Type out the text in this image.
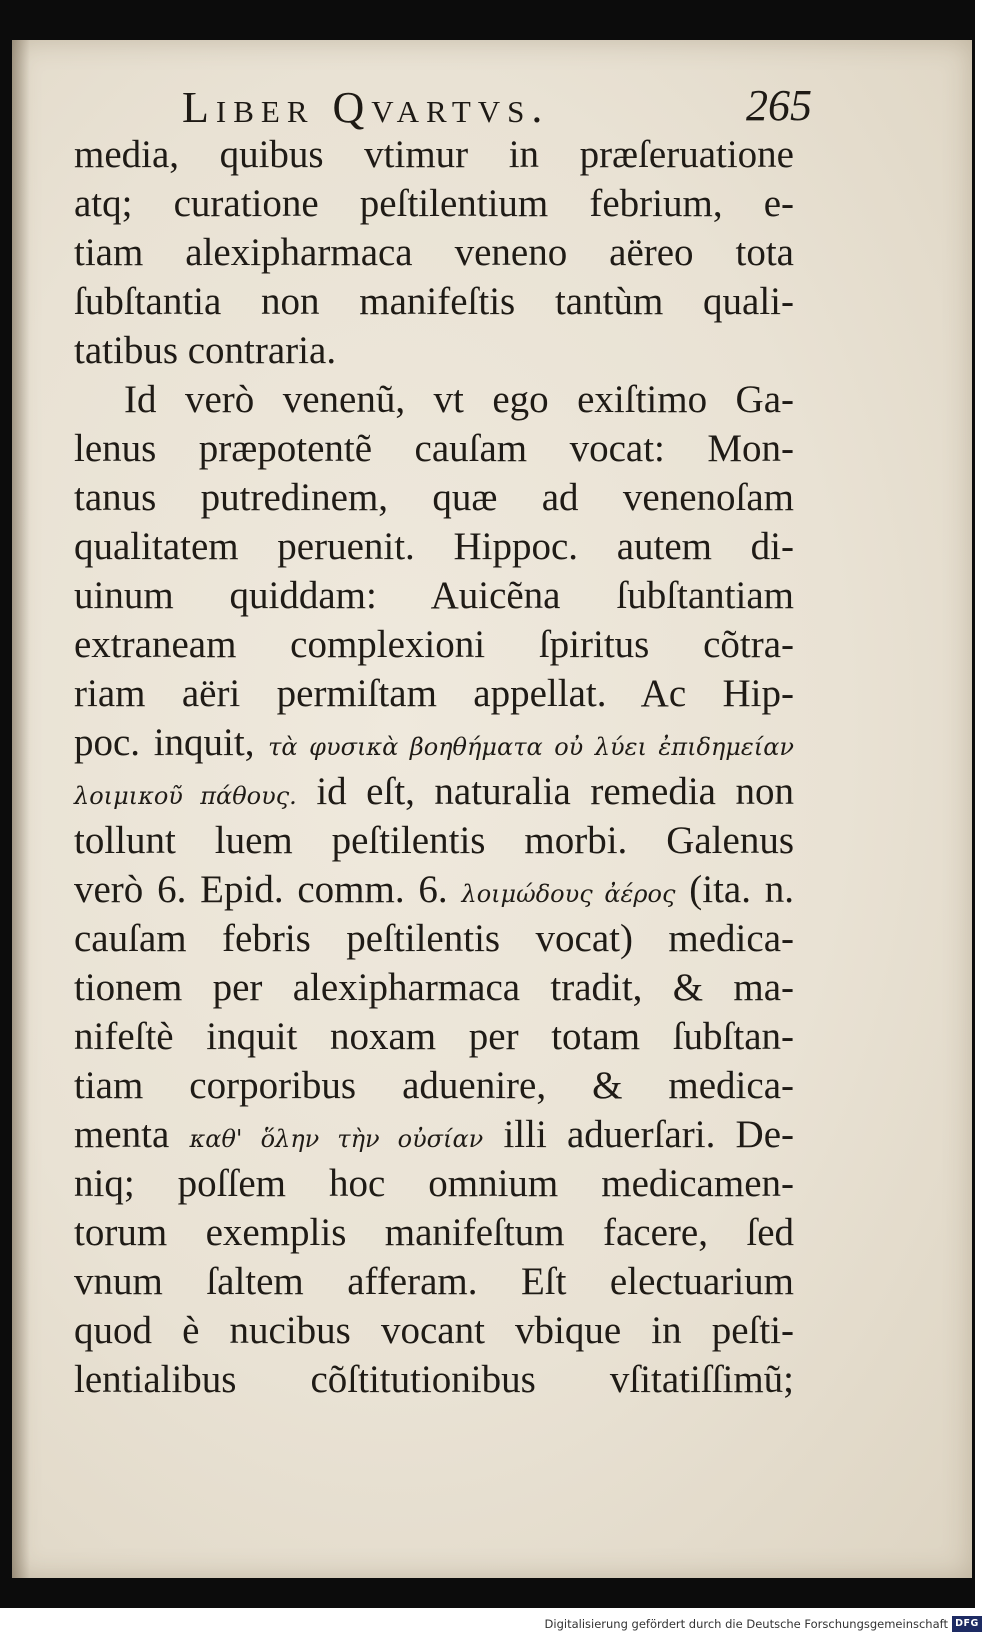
Liber Qvartvs.	265
media, quibus vtimur in præſeruatione
atq; curatione peſtilentium febrium, e-
tiam alexipharmaca veneno aëreo tota
ſubſtantia non manifeſtis tantùm quali-
tatibus contraria.
Id verò venenũ, vt ego exiſtimo Ga-
lenus præpotentẽ cauſam vocat: Mon-
tanus putredinem, quæ ad venenoſam
qualitatem peruenit. Hippoc. autem di-
uinum quiddam: Auicẽna ſubſtantiam
extraneam complexioni ſpiritus cõtra-
riam aëri permiſtam appellat. Ac Hip-
poc. inquit, τὰ φυσικὰ βοηθήματα οὐ λύει ἐπιδημείαν
λοιμικοῦ πάθους. id eſt, naturalia remedia non
tollunt luem peſtilentis morbi. Galenus
verò 6. Epid. comm. 6. λοιμώδους ἀέρος (ita. n.
cauſam febris peſtilentis vocat) medica-
tionem per alexipharmaca tradit, & ma-
nifeſtè inquit noxam per totam ſubſtan-
tiam corporibus aduenire, & medica-
menta καθ' ὅλην τὴν οὐσίαν illi aduerſari. De-
niq; poſſem hoc omnium medicamen-
torum exemplis manifeſtum facere, ſed
vnum ſaltem afferam. Eſt electuarium
quod è nucibus vocant vbique in peſti-
lentialibus cõſtitutionibus vſitatiſſimũ;
Digitalisierung gefördert durch die Deutsche Forschungsgemeinschaft DFG
